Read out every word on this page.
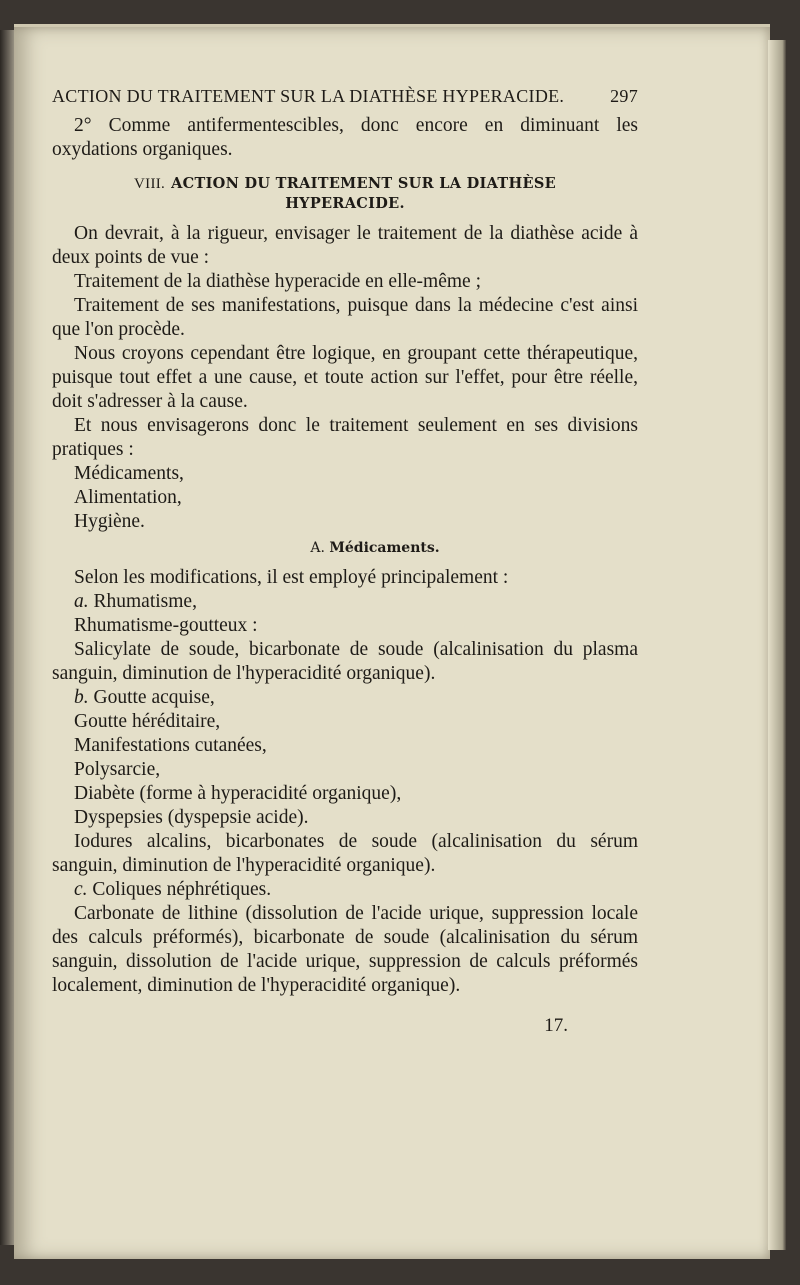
ACTION DU TRAITEMENT SUR LA DIATHÈSE HYPERACIDE.	297

2° Comme antifermentescibles, donc encore en diminuant les oxydations organiques.

VIII. ACTION DU TRAITEMENT SUR LA DIATHÈSE
HYPERACIDE.

On devrait, à la rigueur, envisager le traitement de la diathèse acide à deux points de vue :

Traitement de la diathèse hyperacide en elle-même ;

Traitement de ses manifestations, puisque dans la médecine c'est ainsi que l'on procède.

Nous croyons cependant être logique, en groupant cette thérapeutique, puisque tout effet a une cause, et toute action sur l'effet, pour être réelle, doit s'adresser à la cause.

Et nous envisagerons donc le traitement seulement en ses divisions pratiques :

Médicaments,
Alimentation,
Hygiène.
A. Médicaments.

Selon les modifications, il est employé principalement :

a. Rhumatisme,
Rhumatisme-goutteux :

Salicylate de soude, bicarbonate de soude (alcalinisation du plasma sanguin, diminution de l'hyperacidité organique).

b. Goutte acquise,
Goutte héréditaire,
Manifestations cutanées,
Polysarcie,
Diabète (forme à hyperacidité organique),
Dyspepsies (dyspepsie acide).

Iodures alcalins, bicarbonates de soude (alcalinisation du sérum sanguin, diminution de l'hyperacidité organique).

c. Coliques néphrétiques.

Carbonate de lithine (dissolution de l'acide urique, suppression locale des calculs préformés), bicarbonate de soude (alcalinisation du sérum sanguin, dissolution de l'acide urique, suppression de calculs préformés localement, diminution de l'hyperacidité organique).

17.
